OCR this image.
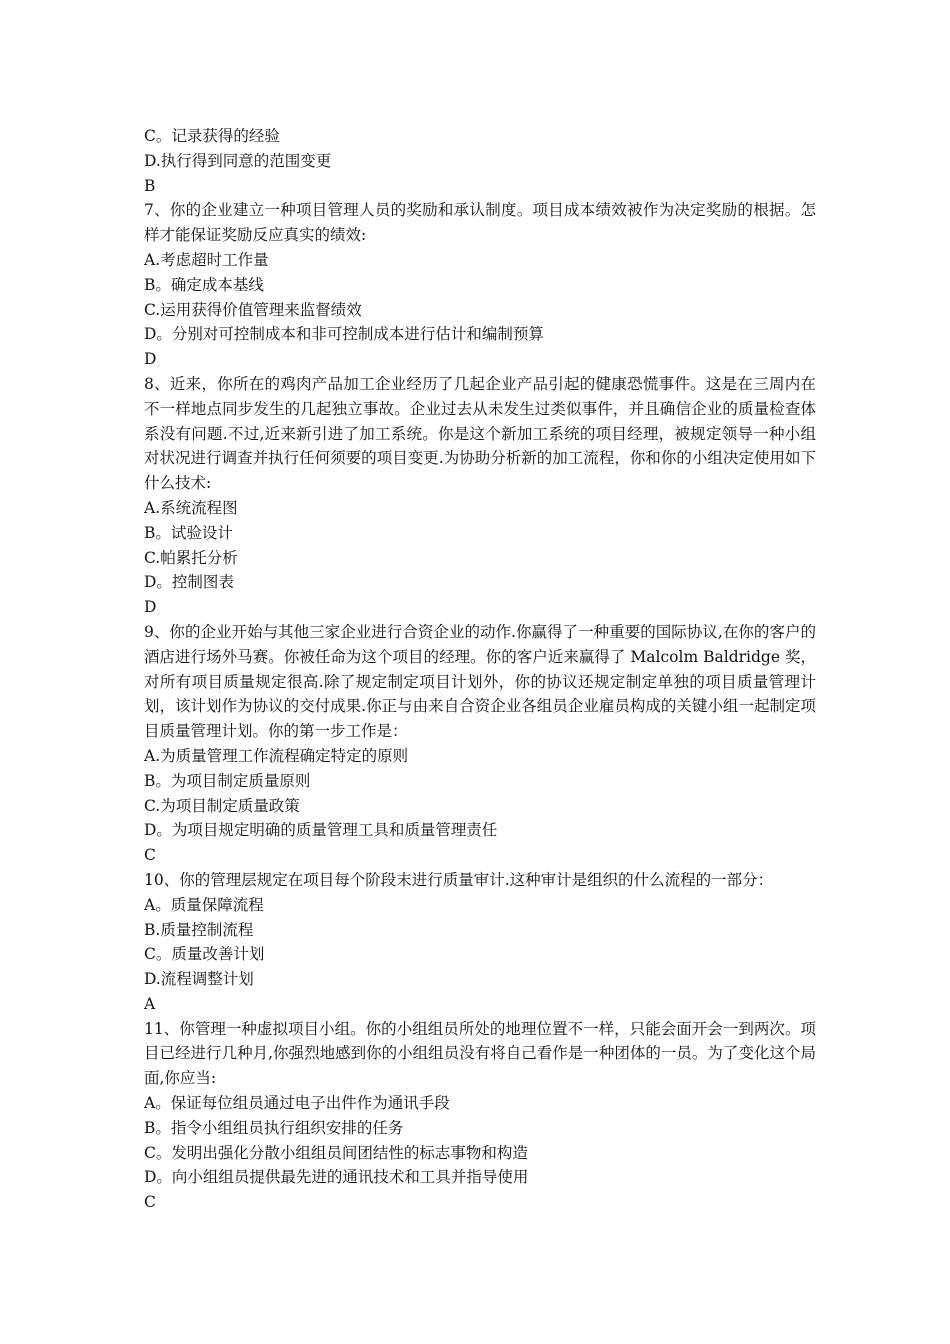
C。记录获得的经验
D.执行得到同意的范围变更
B
7、你的企业建立一种项目管理人员的奖励和承认制度。项目成本绩效被作为决定奖励的根据。怎样才能保证奖励反应真实的绩效:
A.考虑超时工作量
B。确定成本基线
C.运用获得价值管理来监督绩效
D。分别对可控制成本和非可控制成本进行估计和编制预算
D
8、近来，你所在的鸡肉产品加工企业经历了几起企业产品引起的健康恐慌事件。这是在三周内在不一样地点同步发生的几起独立事故。企业过去从未发生过类似事件，并且确信企业的质量检查体系没有问题.不过,近来新引进了加工系统。你是这个新加工系统的项目经理，被规定领导一种小组对状况进行调查并执行任何须要的项目变更.为协助分析新的加工流程，你和你的小组决定使用如下什么技术:
A.系统流程图
B。试验设计
C.帕累托分析
D。控制图表
D
9、你的企业开始与其他三家企业进行合资企业的动作.你赢得了一种重要的国际协议,在你的客户的酒店进行场外马赛。你被任命为这个项目的经理。你的客户近来赢得了 Malcolm Baldridge 奖，对所有项目质量规定很高.除了规定制定项目计划外，你的协议还规定制定单独的项目质量管理计划，该计划作为协议的交付成果.你正与由来自合资企业各组员企业雇员构成的关键小组一起制定项目质量管理计划。你的第一步工作是：
A.为质量管理工作流程确定特定的原则
B。为项目制定质量原则
C.为项目制定质量政策
D。为项目规定明确的质量管理工具和质量管理责任
C
10、你的管理层规定在项目每个阶段末进行质量审计.这种审计是组织的什么流程的一部分：
A。质量保障流程
B.质量控制流程
C。质量改善计划
D.流程调整计划
A
11、你管理一种虚拟项目小组。你的小组组员所处的地理位置不一样，只能会面开会一到两次。项目已经进行几种月,你强烈地感到你的小组组员没有将自己看作是一种团体的一员。为了变化这个局面,你应当:
A。保证每位组员通过电子出件作为通讯手段
B。指令小组组员执行组织安排的任务
C。发明出强化分散小组组员间团结性的标志事物和构造
D。向小组组员提供最先进的通讯技术和工具并指导使用
C
